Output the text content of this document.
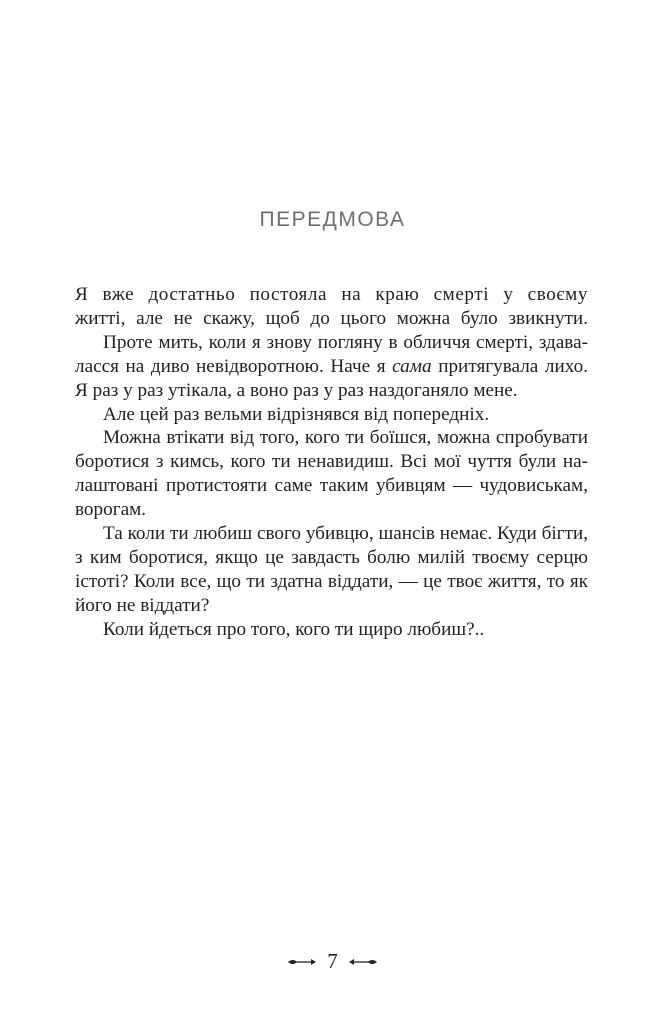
ПЕРЕДМОВА
Я вже достатньо постояла на краю смерті у своєму
житті, але не скажу, щоб до цього можна було звикнути.
Проте мить, коли я знову погляну в обличчя смерті, здава-
ласся на диво невідворотною. Наче я сама притягувала лихо.
Я раз у раз утікала, а воно раз у раз наздоганяло мене.
Але цей раз вельми відрізнявся від попередніх.
Можна втікати від того, кого ти боїшся, можна спробувати
боротися з кимсь, кого ти ненавидиш. Всі мої чуття були на-
лаштовані протистояти саме таким убивцям — чудовиськам,
ворогам.
Та коли ти любиш свого убивцю, шансів немає. Куди бігти,
з ким боротися, якщо це завдасть болю милій твоєму серцю
істоті? Коли все, що ти здатна віддати, — це твоє життя, то як
його не віддати?
Коли йдеться про того, кого ти щиро любиш?..
7
